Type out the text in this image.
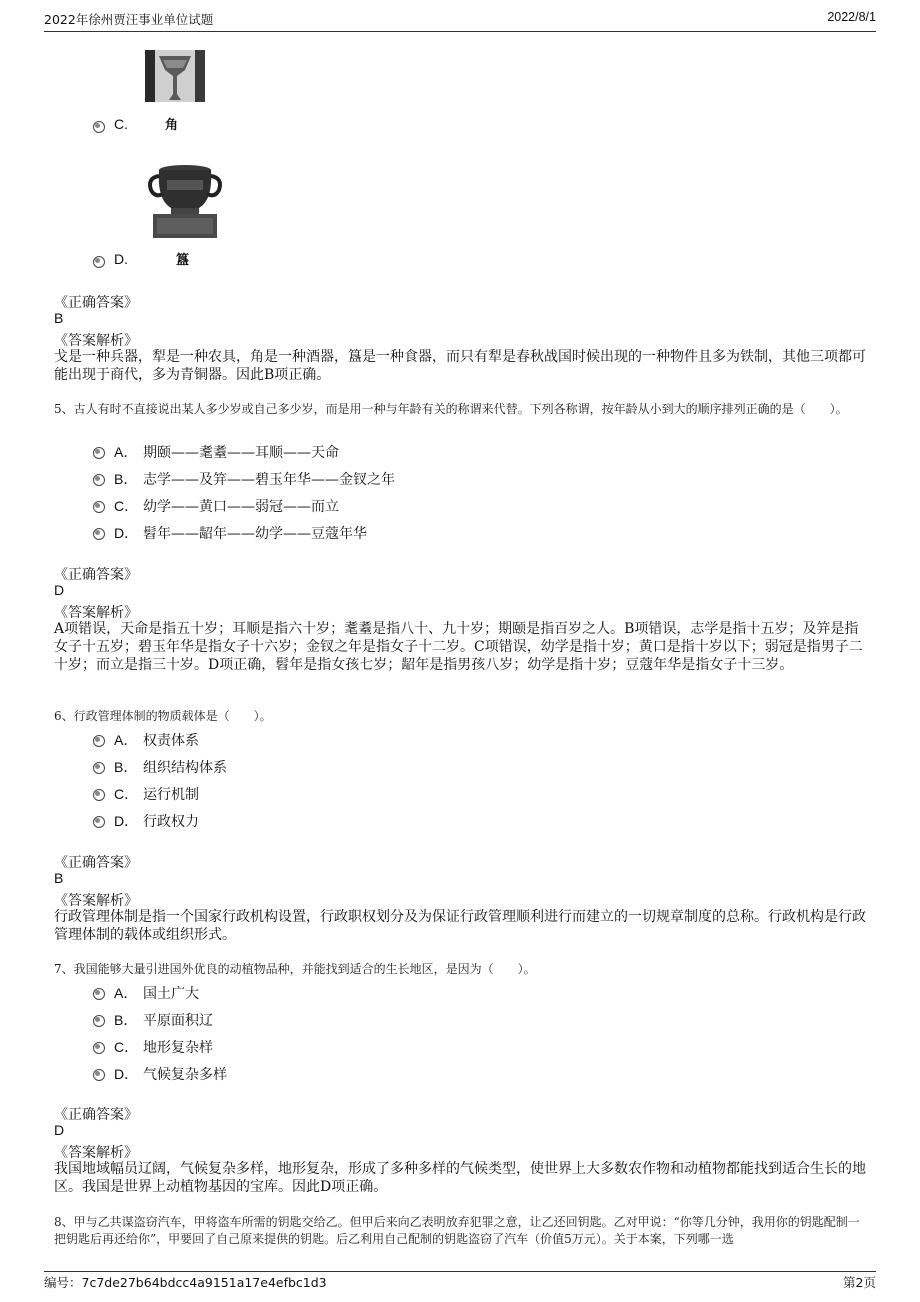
2022年徐州贾汪事业单位试题	2022/8/1
C.	角
D.	簋
《正确答案》
B
《答案解析》
戈是一种兵器，犁是一种农具，角是一种酒器，簋是一种食器，而只有犁是春秋战国时候出现的一种物件且多为铁制，其他三项都可能出现于商代，多为青铜器。因此B项正确。
5、古人有时不直接说出某人多少岁或自己多少岁，而是用一种与年龄有关的称谓来代替。下列各称谓，按年龄从小到大的顺序排列正确的是（　　）。
A． 期颐——耄耋——耳顺——天命
B． 志学——及笄——碧玉年华——金钗之年
C． 幼学——黄口——弱冠——而立
D． 髫年——龆年——幼学——豆蔻年华
《正确答案》
D
《答案解析》
A项错误，天命是指五十岁；耳顺是指六十岁；耄耋是指八十、九十岁；期颐是指百岁之人。B项错误，志学是指十五岁；及笄是指女子十五岁；碧玉年华是指女子十六岁；金钗之年是指女子十二岁。C项错误，幼学是指十岁；黄口是指十岁以下；弱冠是指男子二十岁；而立是指三十岁。D项正确，髫年是指女孩七岁；龆年是指男孩八岁；幼学是指十岁；豆蔻年华是指女子十三岁。
6、行政管理体制的物质载体是（　　）。
A． 权责体系
B． 组织结构体系
C． 运行机制
D． 行政权力
《正确答案》
B
《答案解析》
行政管理体制是指一个国家行政机构设置，行政职权划分及为保证行政管理顺利进行而建立的一切规章制度的总称。行政机构是行政管理体制的载体或组织形式。
7、我国能够大量引进国外优良的动植物品种，并能找到适合的生长地区，是因为（　　）。
A． 国土广大
B． 平原面积辽
C． 地形复杂样
D． 气候复杂多样
《正确答案》
D
《答案解析》
我国地域幅员辽阔，气候复杂多样，地形复杂，形成了多种多样的气候类型，使世界上大多数农作物和动植物都能找到适合生长的地区。我国是世界上动植物基因的宝库。因此D项正确。
8、甲与乙共谋盗窃汽车，甲将盗车所需的钥匙交给乙。但甲后来向乙表明放弃犯罪之意，让乙还回钥匙。乙对甲说：“你等几分钟，我用你的钥匙配制一把钥匙后再还给你”，甲要回了自己原来提供的钥匙。后乙利用自己配制的钥匙盗窃了汽车（价值5万元）。关于本案，下列哪一选
编号：7c7de27b64bdcc4a9151a17e4efbc1d3	第2页
